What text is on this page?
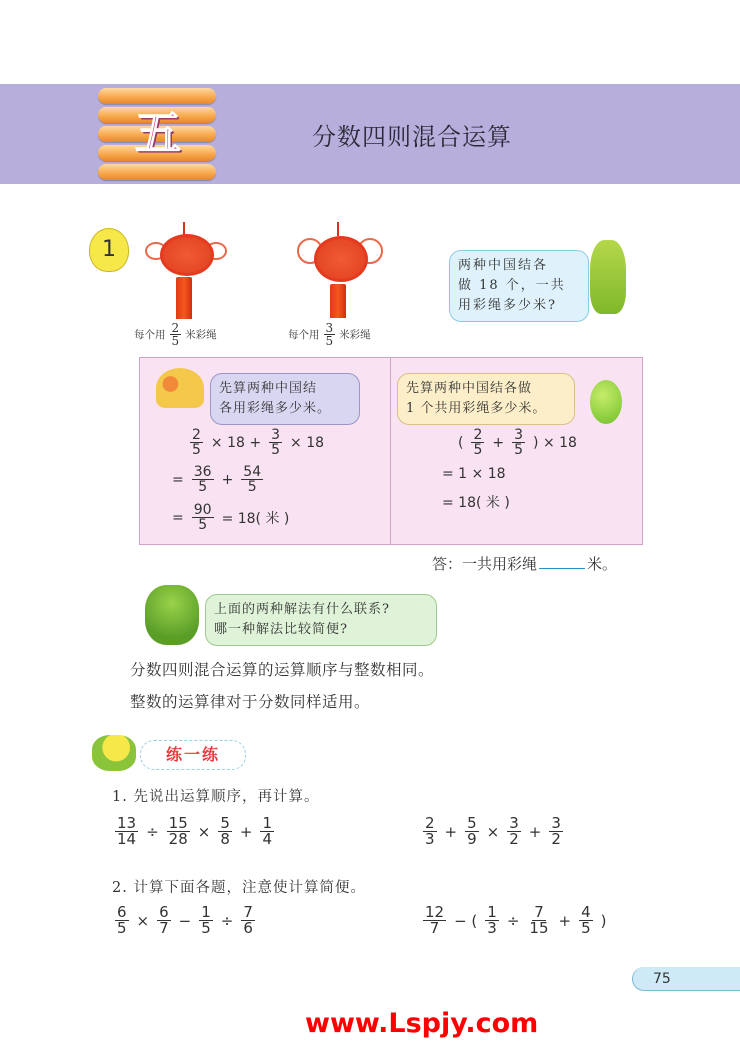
五	分数四则混合运算
1
每个用 $\frac{2}{5}$ 米彩绳	每个用 $\frac{3}{5}$ 米彩绳
两种中国结各
做 18 个，一共
用彩绳多少米?
先算两种中国结
各用彩绳多少米。
$\frac{2}{5} \times 18 + \frac{3}{5} \times 18$
= $\frac{36}{5} + \frac{54}{5}$
= $\frac{90}{5} = 18$( 米 )
先算两种中国结各做
1 个共用彩绳多少米。
( $\frac{2}{5} + \frac{3}{5}$ ) × 18
= 1 × 18
= 18( 米 )
答：一共用彩绳	米。
上面的两种解法有什么联系?
哪一种解法比较简便?
分数四则混合运算的运算顺序与整数相同。
整数的运算律对于分数同样适用。
练一练
1. 先说出运算顺序，再计算。
$\frac{13}{14} \div \frac{15}{28} \times \frac{5}{8} + \frac{1}{4}$	$\frac{2}{3} + \frac{5}{9} \times \frac{3}{2} + \frac{3}{2}$
2. 计算下面各题，注意使计算简便。
$\frac{6}{5} \times \frac{6}{7} - \frac{1}{5} \div \frac{7}{6}$	$\frac{12}{7}$ − ( $\frac{1}{3} \div \frac{7}{15} + \frac{4}{5}$ )
75
www.Lspjy.com
